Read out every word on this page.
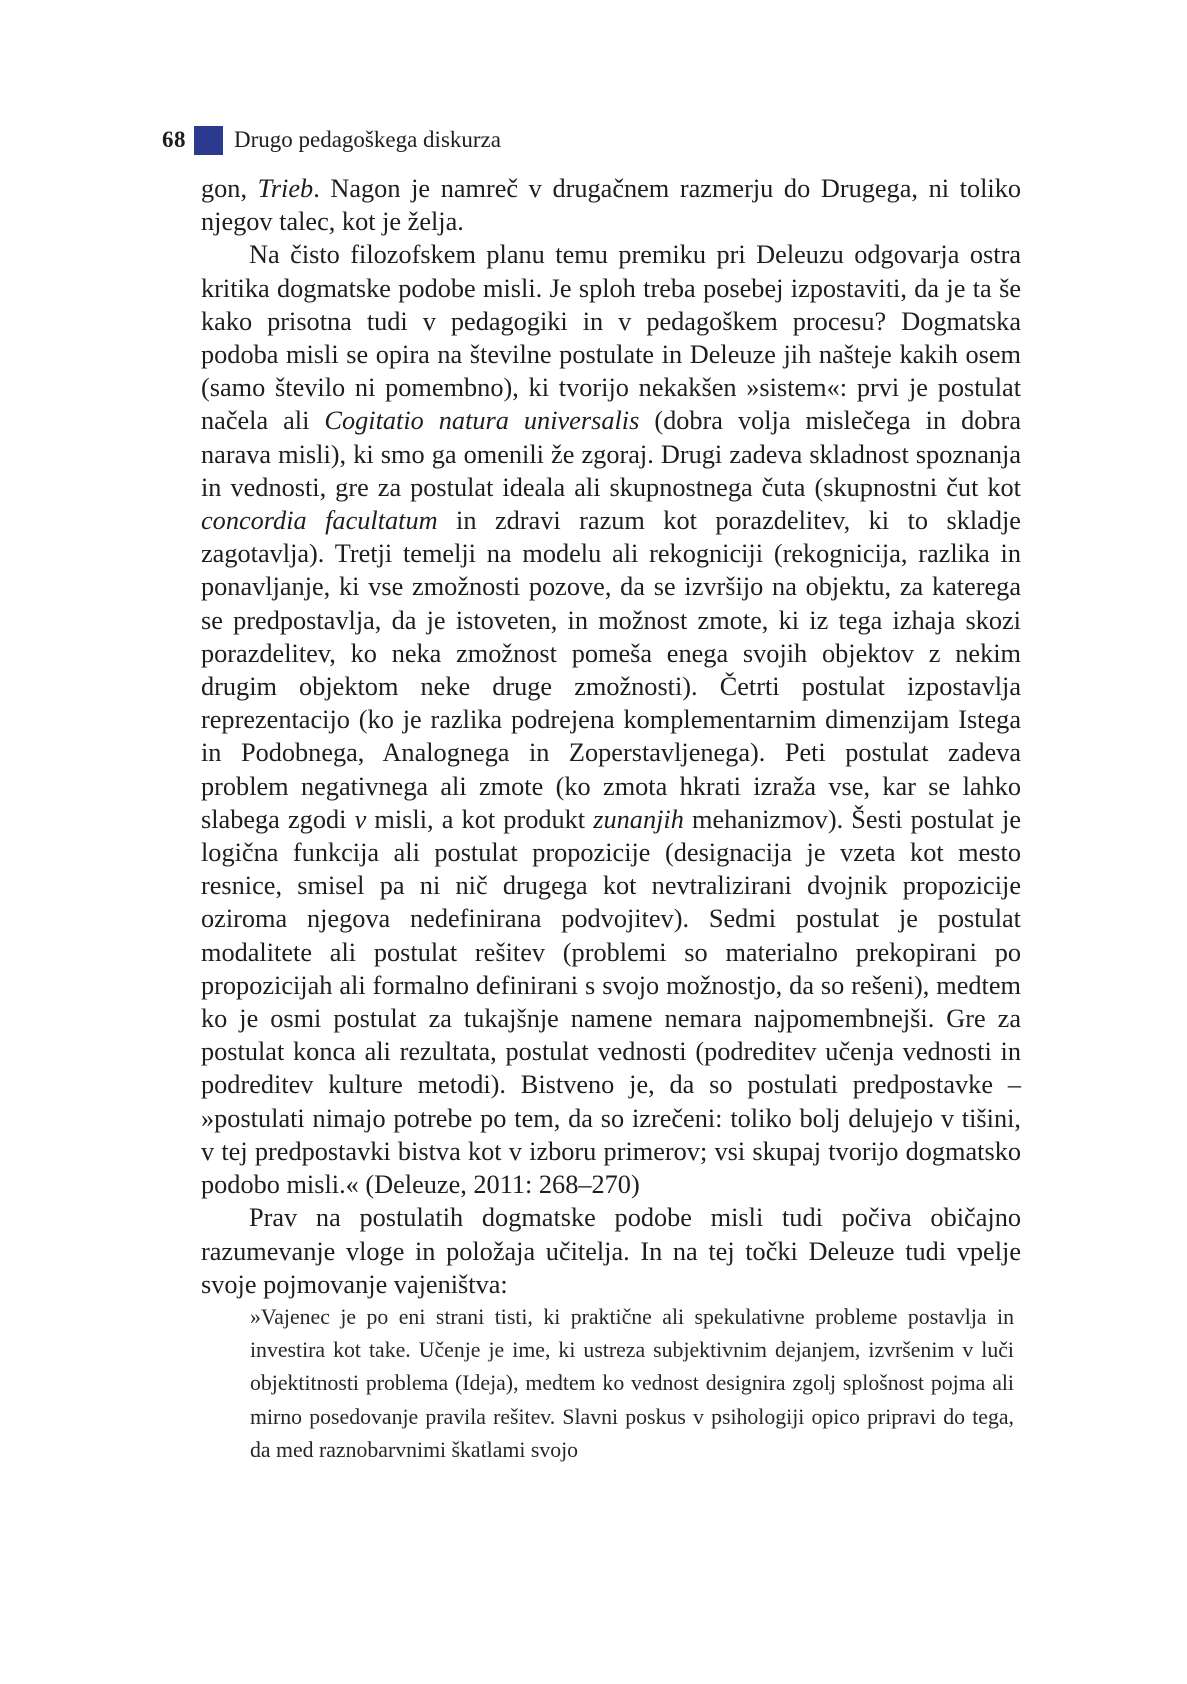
68 Drugo pedagoškega diskurza

gon, Trieb. Nagon je namreč v drugačnem razmerju do Drugega, ni toliko njegov talec, kot je želja.

Na čisto filozofskem planu temu premiku pri Deleuzu odgovarja ostra kritika dogmatske podobe misli. Je sploh treba posebej izpostaviti, da je ta še kako prisotna tudi v pedagogiki in v pedagoškem procesu? Dogmatska podoba misli se opira na številne postulate in Deleuze jih našteje kakih osem (samo število ni pomembno), ki tvorijo nekakšen »sistem«: prvi je postulat načela ali Cogitatio natura universalis (dobra volja mislečega in dobra narava misli), ki smo ga omenili že zgoraj. Drugi zadeva skladnost spoznanja in vednosti, gre za postulat ideala ali skupnostnega čuta (skupnostni čut kot concordia facultatum in zdravi razum kot porazdelitev, ki to skladje zagotavlja). Tretji temelji na modelu ali rekogniciji (rekognicija, razlika in ponavljanje, ki vse zmožnosti pozove, da se izvršijo na objektu, za katerega se predpostavlja, da je istoveten, in možnost zmote, ki iz tega izhaja skozi porazdelitev, ko neka zmožnost pomeša enega svojih objektov z nekim drugim objektom neke druge zmožnosti). Četrti postulat izpostavlja reprezentacijo (ko je razlika podrejena komplementarnim dimenzijam Istega in Podobnega, Analognega in Zoperstavljenega). Peti postulat zadeva problem negativnega ali zmote (ko zmota hkrati izraža vse, kar se lahko slabega zgodi v misli, a kot produkt zunanjih mehanizmov). Šesti postulat je logična funkcija ali postulat propozicije (designacija je vzeta kot mesto resnice, smisel pa ni nič drugega kot nevtralizirani dvojnik propozicije oziroma njegova nedefinirana podvojitev). Sedmi postulat je postulat modalitete ali postulat rešitev (problemi so materialno prekopirani po propozicijah ali formalno definirani s svojo možnostjo, da so rešeni), medtem ko je osmi postulat za tukajšnje namene nemara najpomembnejši. Gre za postulat konca ali rezultata, postulat vednosti (podreditev učenja vednosti in podreditev kulture metodi). Bistveno je, da so postulati predpostavke – »postulati nimajo potrebe po tem, da so izrečeni: toliko bolj delujejo v tišini, v tej predpostavki bistva kot v izboru primerov; vsi skupaj tvorijo dogmatsko podobo misli.« (Deleuze, 2011: 268–270)

Prav na postulatih dogmatske podobe misli tudi počiva običajno razumevanje vloge in položaja učitelja. In na tej točki Deleuze tudi vpelje svoje pojmovanje vajeništva:

»Vajenec je po eni strani tisti, ki praktične ali spekulativne probleme postavlja in investira kot take. Učenje je ime, ki ustreza subjektivnim dejanjem, izvršenim v luči objektitnosti problema (Ideja), medtem ko vednost designira zgolj splošnost pojma ali mirno posedovanje pravila rešitev. Slavni poskus v psihologiji opico pripravi do tega, da med raznobarvnimi škatlami svojo
